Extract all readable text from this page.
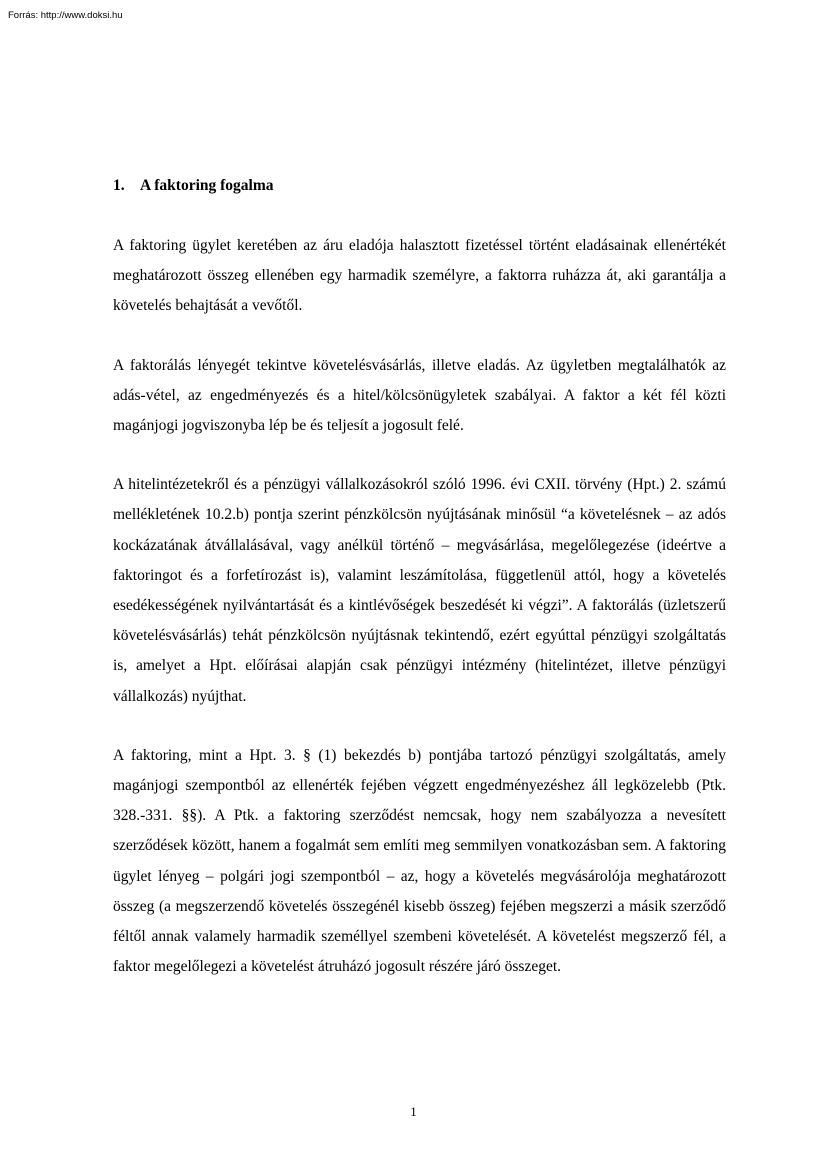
Forrás: http://www.doksi.hu
1. A faktoring fogalma

A faktoring ügylet keretében az áru eladója halasztott fizetéssel történt eladásainak ellenértékét meghatározott összeg ellenében egy harmadik személyre, a faktorra ruházza át, aki garantálja a követelés behajtását a vevőtől.

A faktorálás lényegét tekintve követelésvásárlás, illetve eladás. Az ügyletben megtalálhatók az adás-vétel, az engedményezés és a hitel/kölcsönügyletek szabályai. A faktor a két fél közti magánjogi jogviszonyba lép be és teljesít a jogosult felé.

A hitelintézetekről és a pénzügyi vállalkozásokról szóló 1996. évi CXII. törvény (Hpt.) 2. számú mellékletének 10.2.b) pontja szerint pénzkölcsön nyújtásának minősül “a követelésnek – az adós kockázatának átvállalásával, vagy anélkül történő – megvásárlása, megelőlegezése (ideértve a faktoringot és a forfetírozást is), valamint leszámítolása, függetlenül attól, hogy a követelés esedékességének nyilvántartását és a kintlévőségek beszedését ki végzi”. A faktorálás (üzletszerű követelésvásárlás) tehát pénzkölcsön nyújtásnak tekintendő, ezért egyúttal pénzügyi szolgáltatás is, amelyet a Hpt. előírásai alapján csak pénzügyi intézmény (hitelintézet, illetve pénzügyi vállalkozás) nyújthat.

A faktoring, mint a Hpt. 3. § (1) bekezdés b) pontjába tartozó pénzügyi szolgáltatás, amely magánjogi szempontból az ellenérték fejében végzett engedményezéshez áll legközelebb (Ptk. 328.-331. §§). A Ptk. a faktoring szerződést nemcsak, hogy nem szabályozza a nevesített szerződések között, hanem a fogalmát sem említi meg semmilyen vonatkozásban sem. A faktoring ügylet lényeg – polgári jogi szempontból – az, hogy a követelés megvásárolója meghatározott összeg (a megszerzendő követelés összegénél kisebb összeg) fejében megszerzi a másik szerződő féltől annak valamely harmadik személlyel szembeni követelését. A követelést megszerző fél, a faktor megelőlegezi a követelést átruházó jogosult részére járó összeget.

1
